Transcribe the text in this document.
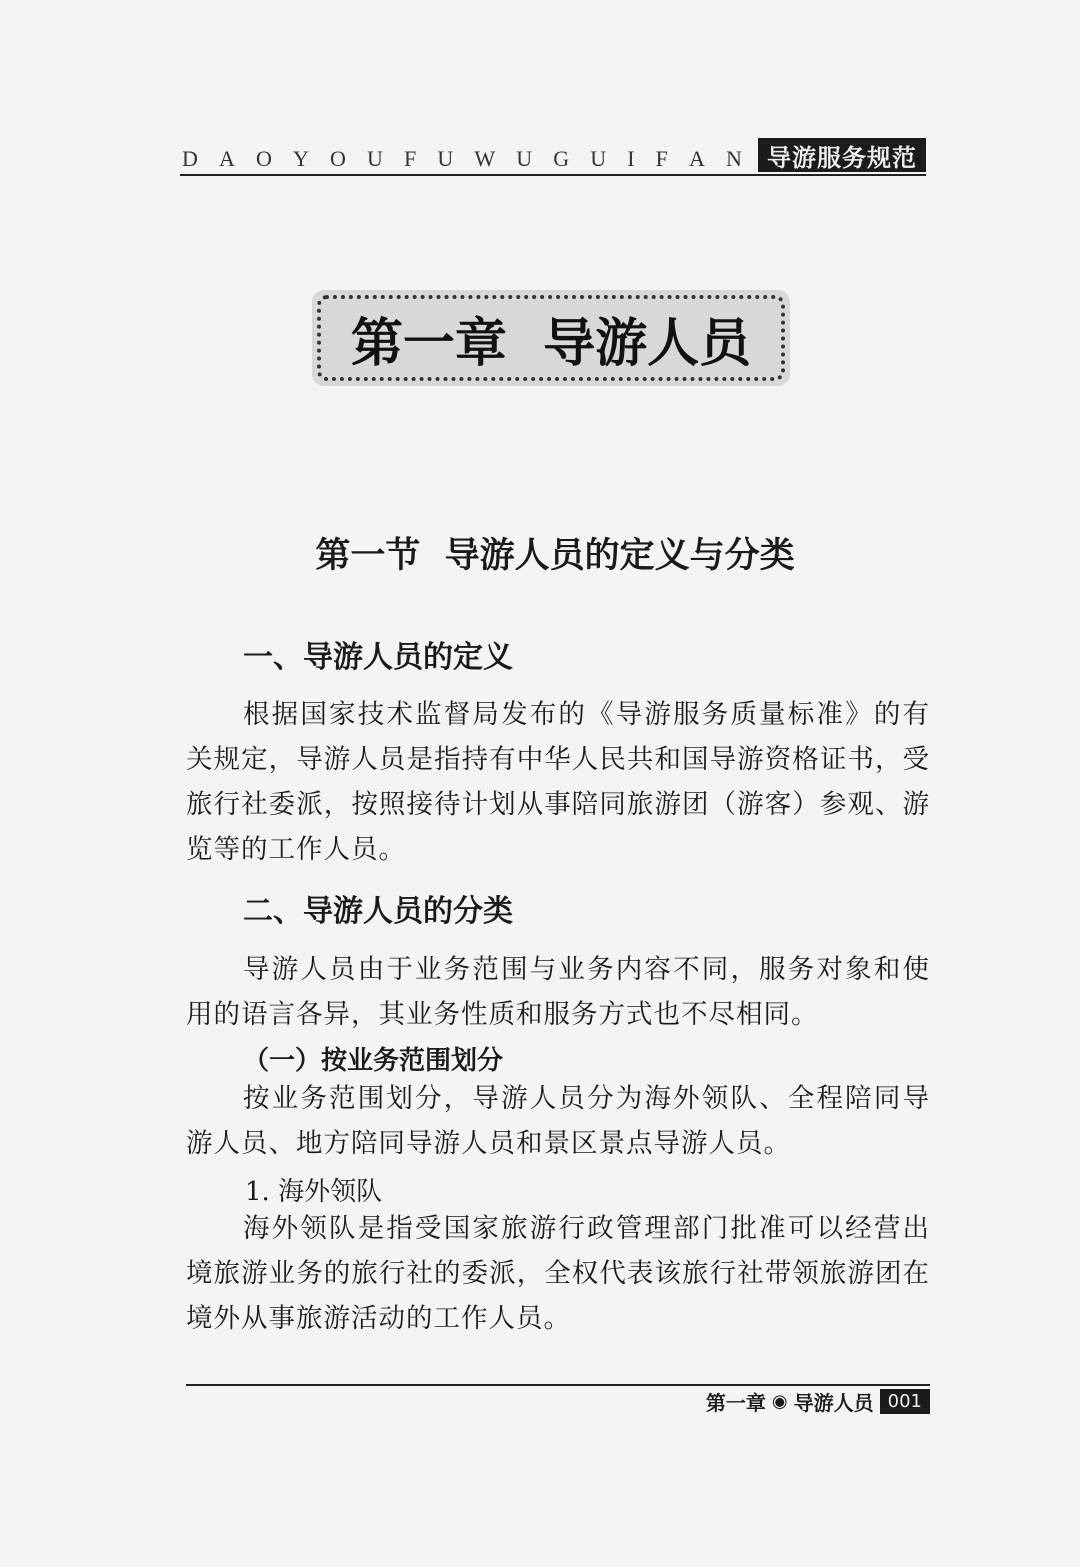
D A O Y O U F U W U G U I F A N	导游服务规范
第一章  导游人员
第一节  导游人员的定义与分类
一、导游人员的定义
根据国家技术监督局发布的《导游服务质量标准》的有关规定，导游人员是指持有中华人民共和国导游资格证书，受旅行社委派，按照接待计划从事陪同旅游团（游客）参观、游览等的工作人员。
二、导游人员的分类
导游人员由于业务范围与业务内容不同，服务对象和使用的语言各异，其业务性质和服务方式也不尽相同。
（一）按业务范围划分
按业务范围划分，导游人员分为海外领队、全程陪同导游人员、地方陪同导游人员和景区景点导游人员。
1. 海外领队
海外领队是指受国家旅游行政管理部门批准可以经营出境旅游业务的旅行社的委派，全权代表该旅行社带领旅游团在境外从事旅游活动的工作人员。
第一章 ◉ 导游人员 001
